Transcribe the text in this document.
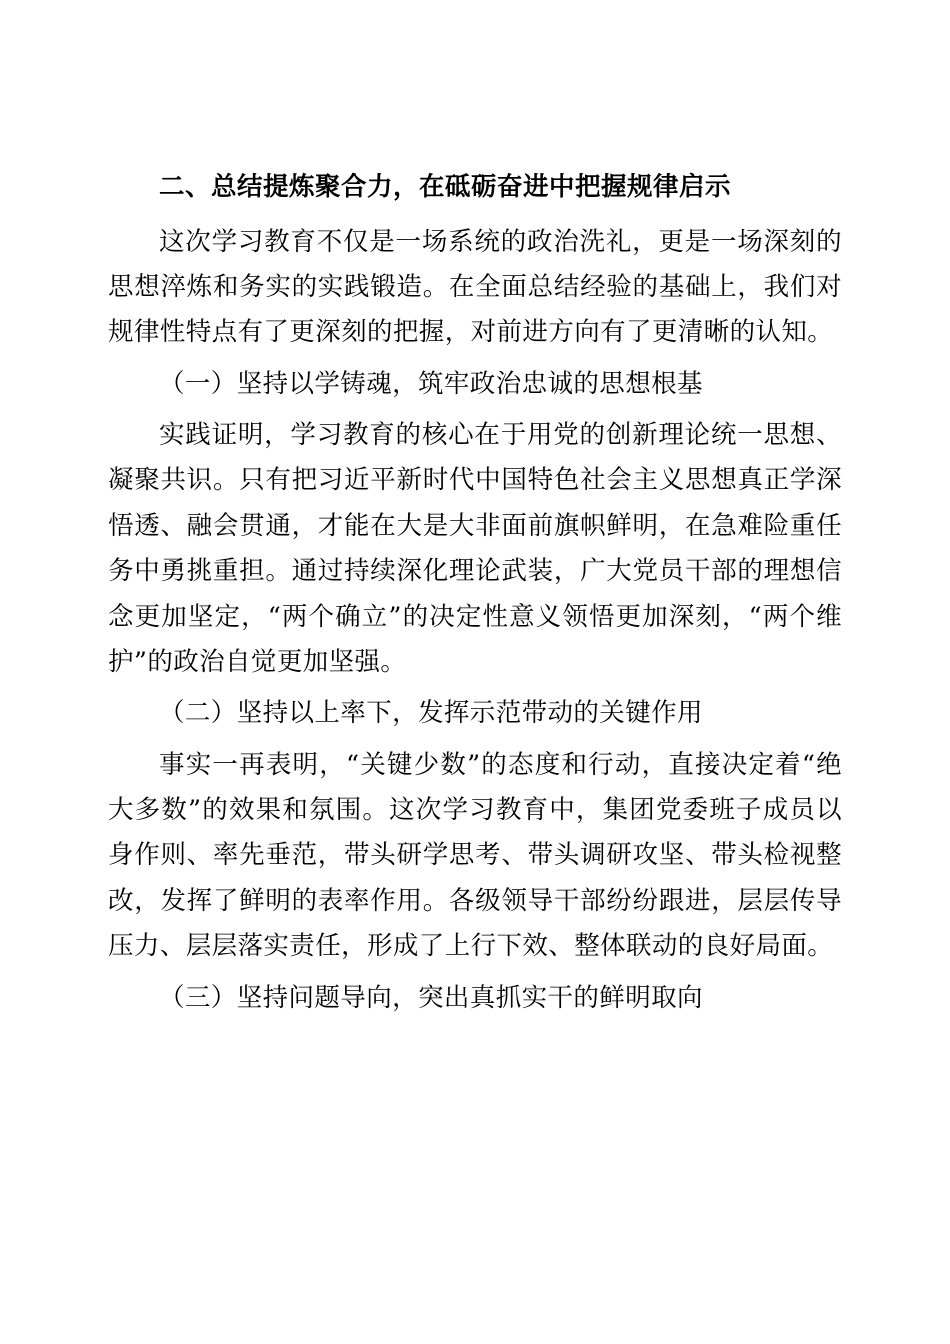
二、总结提炼聚合力，在砥砺奋进中把握规律启示

这次学习教育不仅是一场系统的政治洗礼，更是一场深刻的思想淬炼和务实的实践锻造。在全面总结经验的基础上，我们对规律性特点有了更深刻的把握，对前进方向有了更清晰的认知。

（一）坚持以学铸魂，筑牢政治忠诚的思想根基

实践证明，学习教育的核心在于用党的创新理论统一思想、凝聚共识。只有把习近平新时代中国特色社会主义思想真正学深悟透、融会贯通，才能在大是大非面前旗帜鲜明，在急难险重任务中勇挑重担。通过持续深化理论武装，广大党员干部的理想信念更加坚定，“两个确立”的决定性意义领悟更加深刻，“两个维护”的政治自觉更加坚强。

（二）坚持以上率下，发挥示范带动的关键作用

事实一再表明，“关键少数”的态度和行动，直接决定着“绝大多数”的效果和氛围。这次学习教育中，集团党委班子成员以身作则、率先垂范，带头研学思考、带头调研攻坚、带头检视整改，发挥了鲜明的表率作用。各级领导干部纷纷跟进，层层传导压力、层层落实责任，形成了上行下效、整体联动的良好局面。

（三）坚持问题导向，突出真抓实干的鲜明取向
